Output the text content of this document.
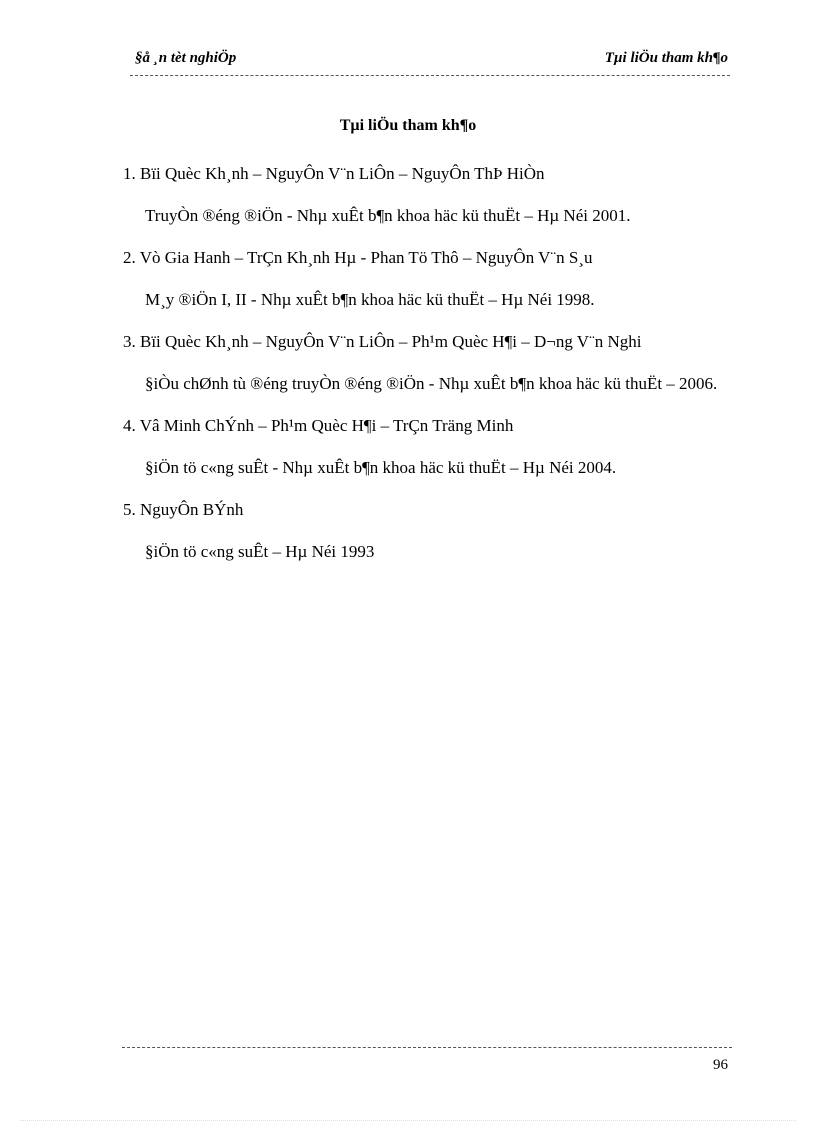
§å ¸n tèt nghiÖp	Tµi liÖu tham kh¶o
Tµi liÖu tham kh¶o
1. Bïi Quèc Kh¸nh – NguyÔn V¨n LiÔn – NguyÔn ThÞ HiÒn
TruyÒn ®éng ®iÖn - Nhµ xuÊt b¶n khoa häc kü thuËt – Hµ Néi 2001.
2. Vò Gia Hanh – TrÇn Kh¸nh Hµ - Phan Tö Thô – NguyÔn V¨n S¸u
M¸y ®iÖn I, II - Nhµ xuÊt b¶n khoa häc kü thuËt – Hµ Néi 1998.
3. Bïi Quèc Kh¸nh – NguyÔn V¨n LiÔn – Ph¹m Quèc H¶i – D¬ng V¨n Nghi
§iÒu chØnh tù ®éng truyÒn ®éng ®iÖn - Nhµ xuÊt b¶n khoa häc kü thuËt – 2006.
4. Vâ Minh ChÝnh – Ph¹m Quèc H¶i – TrÇn Träng Minh
§iÖn tö c«ng suÊt - Nhµ xuÊt b¶n khoa häc kü thuËt – Hµ Néi 2004.
5. NguyÔn BÝnh
§iÖn tö c«ng suÊt – Hµ Néi 1993
96
